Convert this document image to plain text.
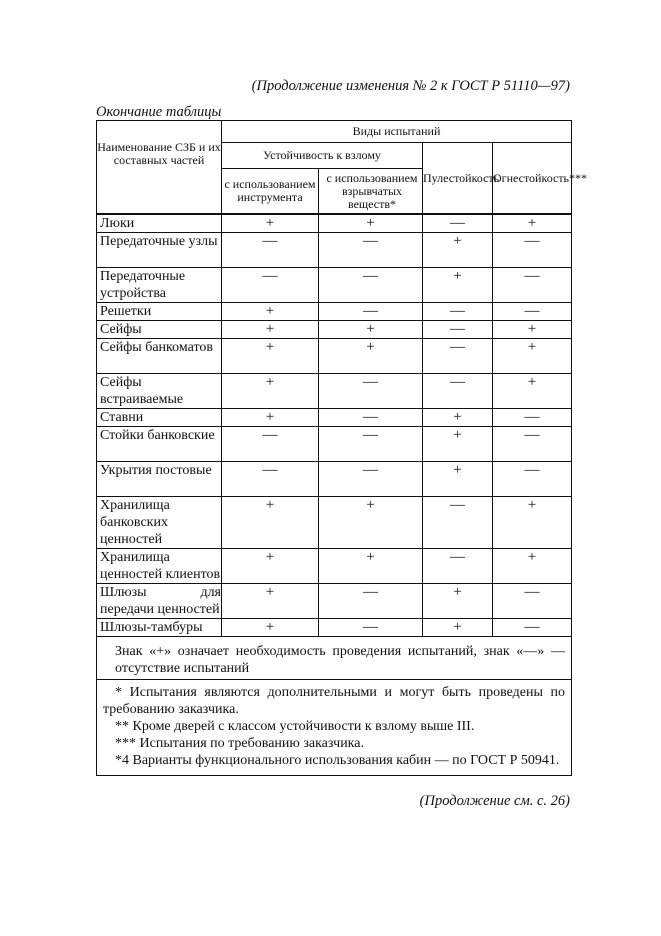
(Продолжение изменения № 2 к ГОСТ Р 51110—97)
Окончание таблицы
Наименование СЗБ и их составных частей	Виды испытаний			
	Устойчивость к взлому		Пулестойкость	Огнестойкость***
	с использованием инструмента	с использованием взрывчатых веществ*		
Люки	+	+	—	+
Передаточные узлы	—	—	+	—
Передаточные устройства	—	—	+	—
Решетки	+	—	—	—
Сейфы	+	+	—	+
Сейфы банкоматов	+	+	—	+
Сейфы встраиваемые	+	—	—	+
Ставни	+	—	+	—
Стойки банковские	—	—	+	—
Укрытия постовые	—	—	+	—
Хранилища банковских ценностей	+	+	—	+
Хранилища ценностей клиентов	+	+	—	+
Шлюзы для передачи ценностей	+	—	+	—
Шлюзы-тамбуры	+	—	+	—

Знак «+» означает необходимость проведения испытаний, знак «—» — отсутствие испытаний				

* Испытания являются дополнительными и могут быть проведены по требованию заказчика.
** Кроме дверей с классом устойчивости к взлому выше III.
*** Испытания по требованию заказчика.
*4 Варианты функционального использования кабин — по ГОСТ Р 50941.				
(Продолжение см. с. 26)
